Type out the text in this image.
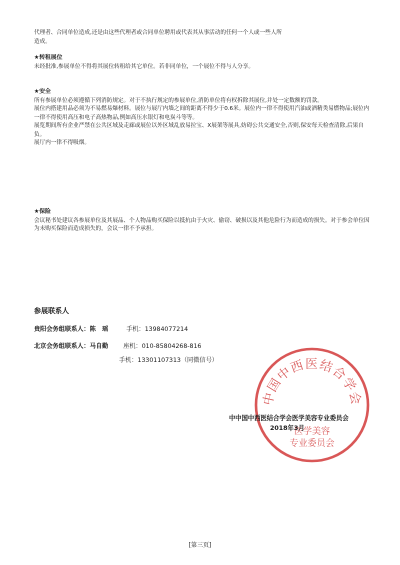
代理者、合同单位造成,还是由这些代理者或合同单位聘用或代表其从事活动的任何一个人或一些人所

造成。

★转租展位

未经批准,参展单位不得将其展位转租给其它单位。若非同单位，一个展位不得与人分享。

★安全

所有参展单位必须遵循下列消防规定。对于不执行规定的参展单位,消防单位将有权拆除其展位,并处一定数额的罚款。

展位内搭建用品必须为不易燃易爆材料。展位与展厅内墙之间的距离不得少于0.6米。展位内一律不得使用汽油或酒精类易燃物品;展位内一律不得使用高压和电子高热物品,例如高压水银灯和电炭斗等等。

展览期间所有企业严禁在公共区域及走廊或展位以外区域乱放易拉宝、X展架等展具,妨碍公共交通安全,否则,保安每天检查清除,后果自负。

展厅内一律不得吸烟。

★保险

会议秘书处建议各参展单位及其展品、个人物品购买保险以抵抗由于火灾、偷窃、破损以及其他危险行为而造成的损失。对于参会单位因为未购买保险而造成损失的，会议一律不予承担。

参展联系人
贵阳会务组联系人：陈　瑶	手机：13984077214
北京会务组联系人：马自勤 座机：010-85804268-816
手机：13301107313（同微信号）
中国中西医结合学会
医学美容
专业委员会
中中国中西医结合学会医学美容专业委员会
2018年3月
[第三页]
